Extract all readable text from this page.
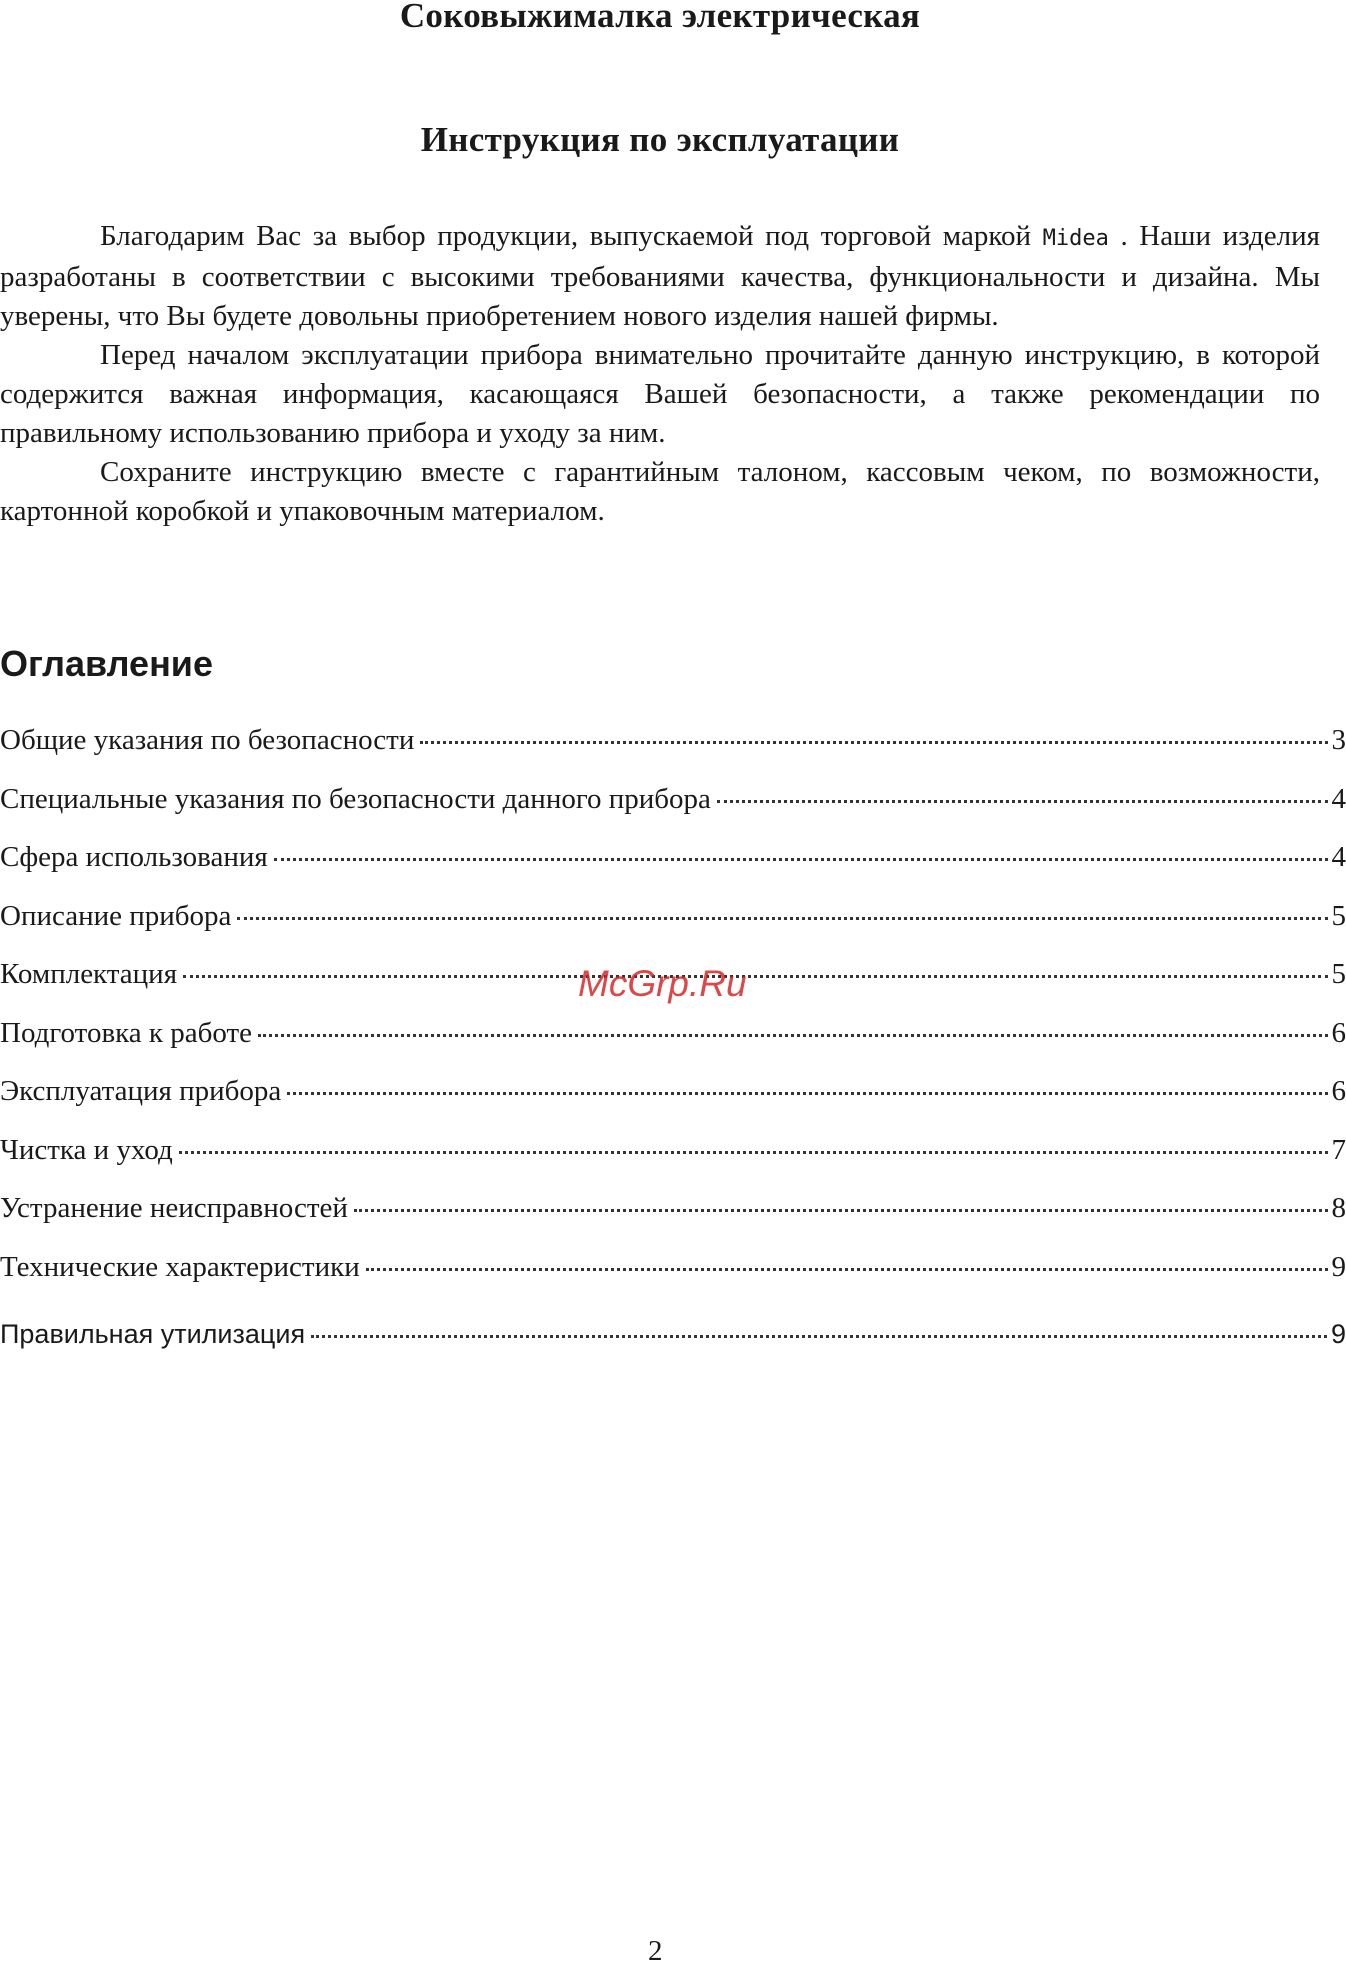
Соковыжималка электрическая
Инструкция по эксплуатации

Благодарим Вас за выбор продукции, выпускаемой под торговой маркой Midea . Наши изделия разработаны в соответствии с высокими требованиями качества, функциональности и дизайна. Мы уверены, что Вы будете довольны приобретением нового изделия нашей фирмы.

Перед началом эксплуатации прибора внимательно прочитайте данную инструкцию, в которой содержится важная информация, касающаяся Вашей безопасности, а также рекомендации по правильному использованию прибора и уходу за ним.

Сохраните инструкцию вместе с гарантийным талоном, кассовым чеком, по возможности, картонной коробкой и упаковочным материалом.

Оглавление
Общие указания по безопасности	3
Специальные указания по безопасности данного прибора	4
Сфера использования	4
Описание прибора	5
Комплектация	5
Подготовка к работе	6
Эксплуатация прибора	6
Чистка и уход	7
Устранение неисправностей	8
Технические характеристики	9
Правильная утилизация	9
McGrp.Ru
2
